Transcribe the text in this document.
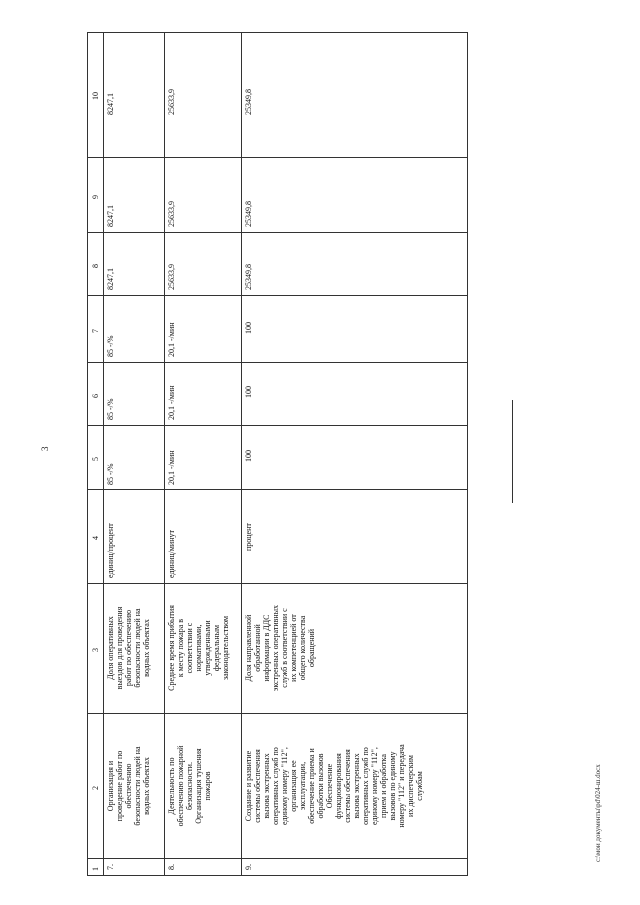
3
10
9
8
7
6
5
4
3
2
1 7.
Организация и проведение работ по обеспечению безопасности людей на водных объектах
Доля оперативных выездов для проведения работ по обеспечению безопасности людей на водных объектах
единиц/процент
85 -/%
85 -/%
85 -/%
8247,1
8247,1
8247,1
8.
Деятельность по обеспечению пожарной безопасности. Организация тушения пожаров
Среднее время прибытия к месту пожара в соответствии с нормативами, утвержденными федеральным законодательством
единиц/минут
20,1 -/мин
20,1 -/мин
20,1 -/мин
25633,9
25633,9
25633,9
9.
Создание и развитие системы обеспечения вызова экстренных оперативных служб по единому номеру "112", организация ее эксплуатации, обеспечение приема и обработки вызовов Обеспечение функционирования системы обеспечения вызова экстренных оперативных служб по единому номеру "112", прием и обработка вызовов по единому номеру "112" и передача их диспетчерским службам
Доля направленной обработанной информации в ДДС экстренных оперативных служб в соответствии с их компетенцией от общего количества обращений
процент
100
100
100
25349,8
25349,8
25349,8
c:\мои документы\pd\024-ш.docx
